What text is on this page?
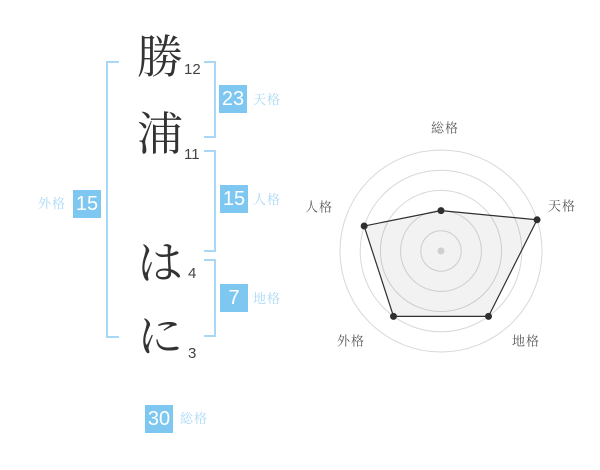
勝
浦
は
に
12
11
4
3
23 天格
15 人格
7	地格
30 総格
外格 15
総格
天格
地格
外格
人格
